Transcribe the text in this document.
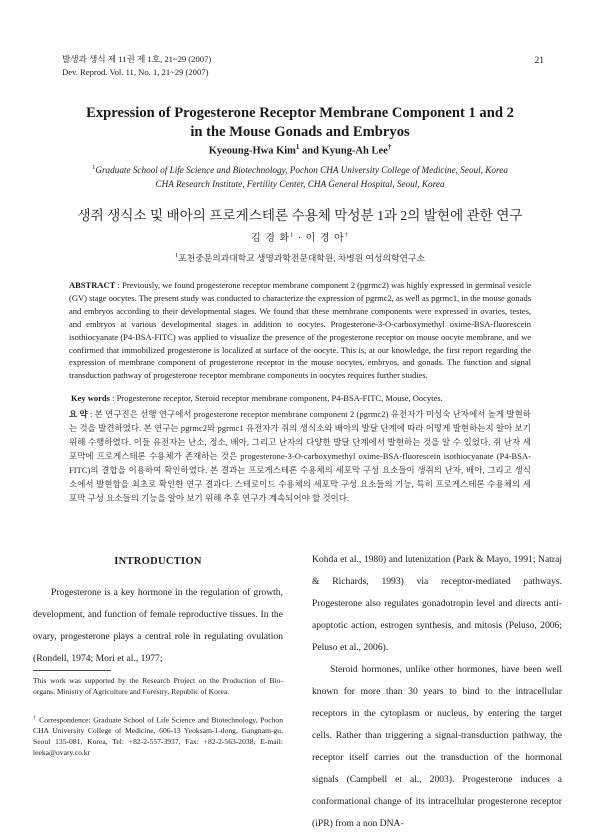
발생과 생식 제 11권 제 1호, 21~29 (2007)
Dev. Reprod. Vol. 11, No. 1, 21~29 (2007)
21
Expression of Progesterone Receptor Membrane Component 1 and 2
in the Mouse Gonads and Embryos
Kyeoung-Hwa Kim$^1$ and Kyung-Ah Lee†
$^1$Graduate School of Life Science and Biotechnology, Pochon CHA University College of Medicine, Seoul, Korea
CHA Research Institute, Fertility Center, CHA General Hospital, Seoul, Korea
생쥐 생식소 및 배아의 프로게스테론 수용체 막성분 1과 2의 발현에 관한 연구
김 경 화$^1$ · 이 경 아†
$^1$포천중문의과대학교 생명과학전문대학원, 차병원 여성의학연구소
ABSTRACT : Previously, we found progesterone receptor membrane component 2 (pgrmc2) was highly expressed in germinal vesicle (GV) stage oocytes. The present study was conducted to characterize the expression of pgrmc2, as well as pgrmc1, in the mouse gonads and embryos according to their developmental stages. We found that these membrane components were expressed in ovaries, testes, and embryos at various developmental stages in addition to oocytes. Progesterone-3-O-carboxymethyl oxime-BSA-fluorescein isothiocyanate (P4-BSA-FITC) was applied to visualize the presence of the progesterone receptor on mouse oocyte membrane, and we confirmed that immobilized progesterone is localized at surface of the oocyte. This is, at our knowledge, the first report regarding the expression of membrane component of progesterone receptor in the mouse oocytes, embryos, and gonads. The function and signal transduction pathway of progesterone receptor membrane components in oocytes requires further studies.
Key words : Progesterone receptor, Steroid receptor membrane component, P4-BSA-FITC, Mouse, Oocytes.
요 약 : 본 연구진은 선행 연구에서 progesterone receptor membrane component 2 (pgrmc2) 유전자가 미성숙 난자에서 높게 발현하는 것을 발견하였다. 본 연구는 pgrmc2와 pgrmc1 유전자가 쥐의 생식소와 배아의 발달 단계에 따라 어떻게 발현하는지 알아 보기 위해 수행하였다. 이들 유전자는 난소, 정소, 배아, 그리고 난자의 다양한 발달 단계에서 발현하는 것을 알 수 있었다. 쥐 난자 세포막에 프로게스테론 수용체가 존재하는 것은 progesterone-3-O-carboxymethyl oxime-BSA-fluorescein isothiocyanate (P4-BSA-FITC)의 결합을 이용하여 확인하였다. 본 결과는 프로게스테론 수용체의 세포막 구성 요소들이 생쥐의 난자, 배아, 그리고 생식소에서 발현함을 최초로 확인한 연구 결과다. 스테로이드 수용체의 세포막 구성 요소들의 기능, 특히 프로게스테론 수용체의 세포막 구성 요소들의 기능을 알아 보기 위해 추후 연구가 계속되어야 할 것이다.
INTRODUCTION

Progesterone is a key hormone in the regulation of growth, development, and function of female reproductive tissues. In the ovary, progesterone plays a central role in regulating ovulation (Rondell, 1974; Mori et al., 1977;

This work was supported by the Research Project on the Production of Bio-organs, Ministry of Agriculture and Forestry, Republic of Korea.
† Correspondence: Graduate School of Life Science and Biotechnology, Pochon CHA University College of Medicine, 606-13 Yeoksam-1-dong, Gangnam-gu, Seoul 135-081, Korea, Tel: +82-2-557-3937, Fax: +82-2-563-2038, E-mail: leeka@ovary.co.kr

Kohda et al., 1980) and lutenization (Park & Mayo, 1991; Natraj & Richards, 1993) via receptor-mediated pathways. Progesterone also regulates gonadotropin level and directs anti-apoptotic action, estrogen synthesis, and mitosis (Peluso, 2006; Peluso et al., 2006).

Steroid hormones, unlike other hormones, have been well known for more than 30 years to bind to the intracellular receptors in the cytoplasm or nucleus, by entering the target cells. Rather than triggering a signal-transduction pathway, the receptor itself carries out the transduction of the hormonal signals (Campbell et al., 2003). Progesterone induces a conformational change of its intracellular progesterone receptor (iPR) from a non DNA-
